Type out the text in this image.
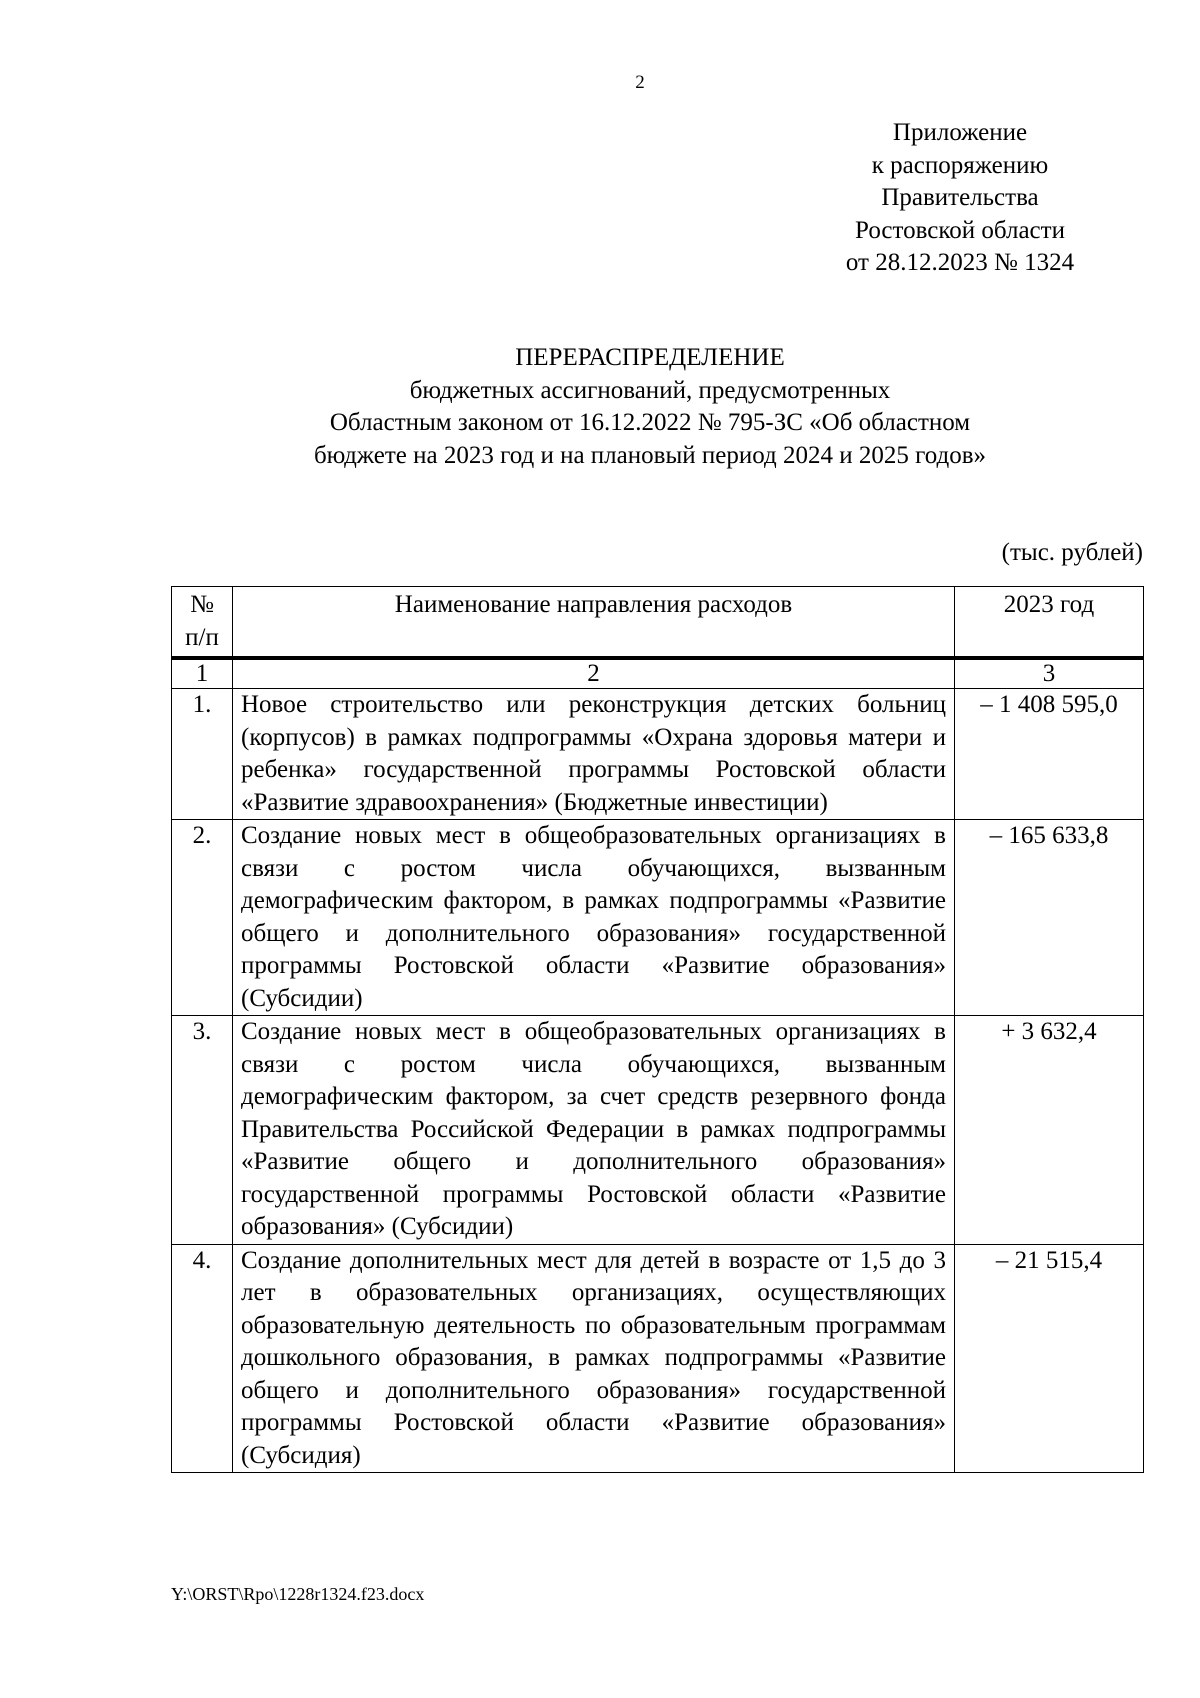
2
Приложение
к распоряжению
Правительства
Ростовской области
от 28.12.2023 № 1324
ПЕРЕРАСПРЕДЕЛЕНИЕ
бюджетных ассигнований, предусмотренных
Областным законом от 16.12.2022 № 795-ЗС «Об областном
бюджете на 2023 год и на плановый период 2024 и 2025 годов»
(тыс. рублей)
№ п/п	Наименование направления расходов	2023 год
1	2	3
1.	Новое строительство или реконструкция детских больниц (корпусов) в рамках подпрограммы «Охрана здоровья матери и ребенка» государственной программы Ростовской области «Развитие здравоохранения» (Бюджетные инвестиции)	– 1 408 595,0
2.	Создание новых мест в общеобразовательных организациях в связи с ростом числа обучающихся, вызванным демографическим фактором, в рамках подпрограммы «Развитие общего и дополнительного образования» государственной программы Ростовской области «Развитие образования» (Субсидии)	– 165 633,8
3.	Создание новых мест в общеобразовательных организациях в связи с ростом числа обучающихся, вызванным демографическим фактором, за счет средств резервного фонда Правительства Российской Федерации в рамках подпрограммы «Развитие общего и дополнительного образования» государственной программы Ростовской области «Развитие образования» (Субсидии)	+ 3 632,4
4.	Создание дополнительных мест для детей в возрасте от 1,5 до 3 лет в образовательных организациях, осуществляющих образовательную деятельность по образовательным программам дошкольного образования, в рамках подпрограммы «Развитие общего и дополнительного образования» государственной программы Ростовской области «Развитие образования» (Субсидия)	– 21 515,4
Y:\ORST\Rpo\1228r1324.f23.docx
